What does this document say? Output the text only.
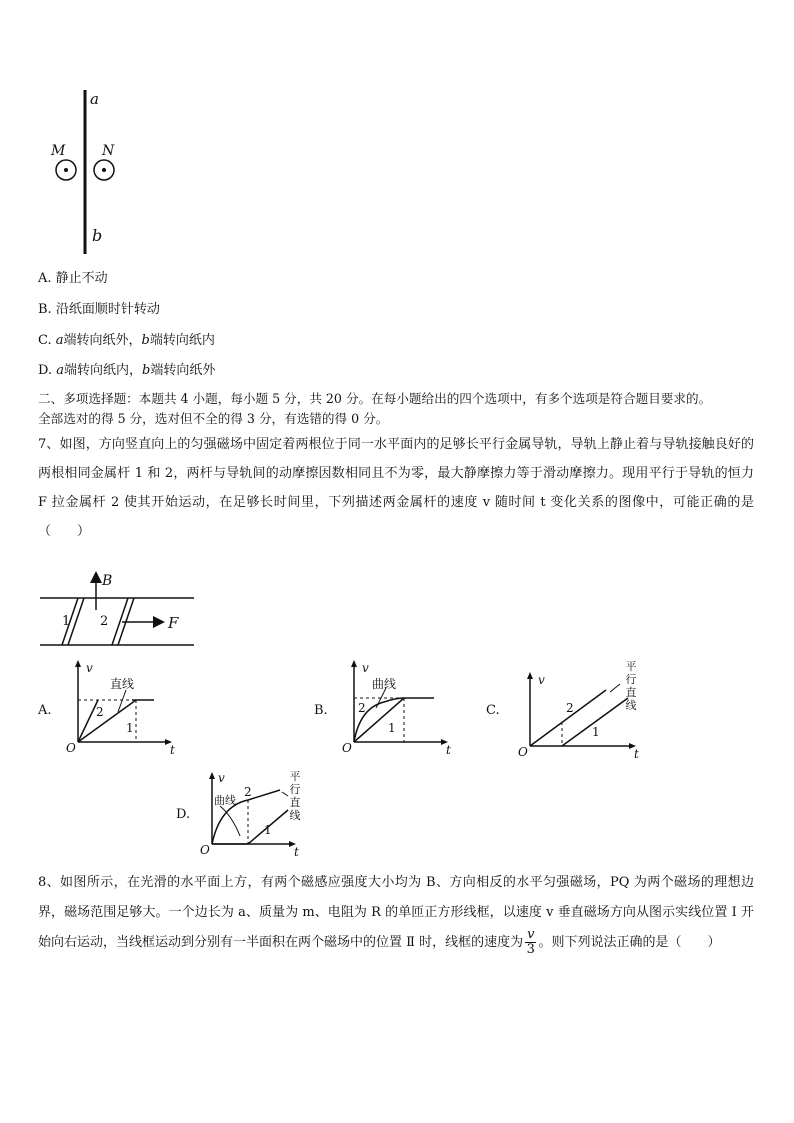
a
b
M	N
A. 静止不动
B. 沿纸面顺时针转动
C. a端转向纸外，b端转向纸内
D. a端转向纸内，b端转向纸外
二、多项选择题：本题共 4 小题，每小题 5 分，共 20 分。在每小题给出的四个选项中，有多个选项是符合题目要求的。
全部选对的得 5 分，选对但不全的得 3 分，有选错的得 0 分。
7、如图，方向竖直向上的匀强磁场中固定着两根位于同一水平面内的足够长平行金属导轨，导轨上静止着与导轨接触良好的两根相同金属杆 1 和 2，两杆与导轨间的动摩擦因数相同且不为零，最大静摩擦力等于滑动摩擦力。现用平行于导轨的恒力 F 拉金属杆 2 使其开始运动，在足够长时间里，下列描述两金属杆的速度 v 随时间 t 变化关系的图像中，可能正确的是（　　）
B
F
1 2
A.
v
t
O
直线
2
1
B.
v
t
O
曲线
2
1
C.
v
t
O
2
1
平
行
直
线
D.
v
t
O
曲线
2
1
平
行
直
线
8、如图所示，在光滑的水平面上方，有两个磁感应强度大小均为 B、方向相反的水平匀强磁场，PQ 为两个磁场的理想边界，磁场范围足够大。一个边长为 a、质量为 m、电阻为 R 的单匝正方形线框，以速度 v 垂直磁场方向从图示实线位置 Ⅰ 开始向右运动，当线框运动到分别有一半面积在两个磁场中的位置 Ⅱ 时，线框的速度为 $\frac{v}{3}$ 。则下列说法正确的是（　　）
